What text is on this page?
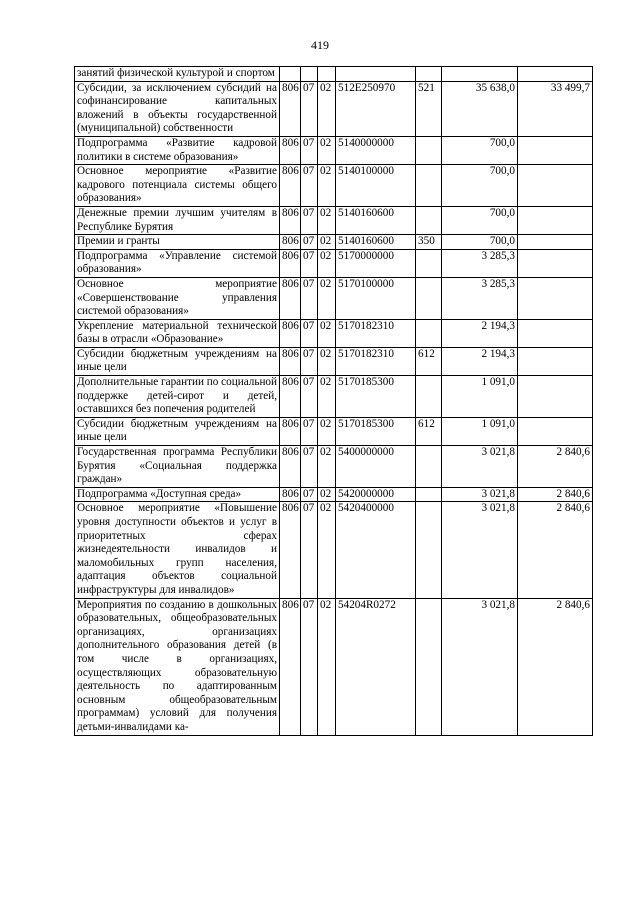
419
занятий физической культурой и спортом							
Субсидии, за исключением субсидий на софинансирование капитальных вложений в объекты государственной (муниципальной) собственности	806	07	02	512E250970	521	35 638,0	33 499,7
Подпрограмма «Развитие кадровой политики в системе образования»	806	07	02	5140000000		700,0	
Основное мероприятие «Развитие кадрового потенциала системы общего образования»	806	07	02	5140100000		700,0	
Денежные премии лучшим учителям в Республике Бурятия	806	07	02	5140160600		700,0	
Премии и гранты	806	07	02	5140160600	350	700,0	
Подпрограмма «Управление системой образования»	806	07	02	5170000000		3 285,3	
Основное мероприятие «Совершенствование управления системой образования»	806	07	02	5170100000		3 285,3	
Укрепление материальной технической базы в отрасли «Образование»	806	07	02	5170182310		2 194,3	
Субсидии бюджетным учреждениям на иные цели	806	07	02	5170182310	612	2 194,3	
Дополнительные гарантии по социальной поддержке детей-сирот и детей, оставшихся без попечения родителей	806	07	02	5170185300		1 091,0	
Субсидии бюджетным учреждениям на иные цели	806	07	02	5170185300	612	1 091,0	
Государственная программа Республики Бурятия «Социальная поддержка граждан»	806	07	02	5400000000		3 021,8	2 840,6
Подпрограмма «Доступная среда»	806	07	02	5420000000		3 021,8	2 840,6
Основное мероприятие «Повышение уровня доступности объектов и услуг в приоритетных сферах жизнедеятельности инвалидов и маломобильных групп населения, адаптация объектов социальной инфраструктуры для инвалидов»	806	07	02	5420400000		3 021,8	2 840,6
Мероприятия по созданию в дошкольных образовательных, общеобразовательных организациях, организациях дополнительного образования детей (в том числе в организациях, осуществляющих образовательную деятельность по адаптированным основным общеобразовательным программам) условий для получения детьми-инвалидами ка-	806	07	02	54204R0272		3 021,8	2 840,6
